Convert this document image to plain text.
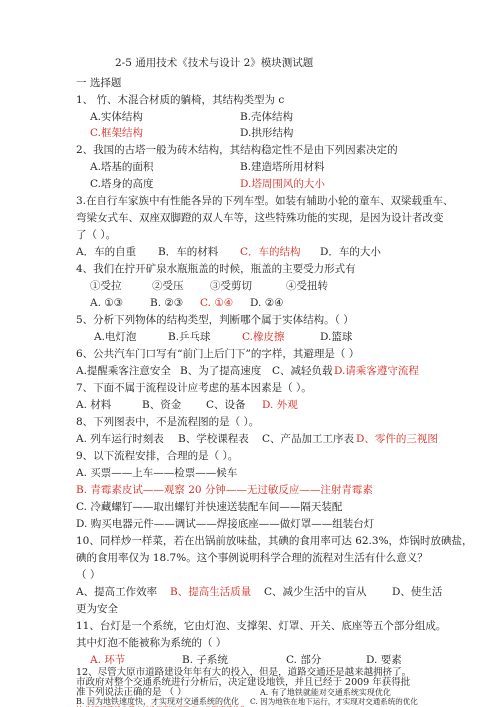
2-5 通用技术《技术与设计 2》模块测试题
一 选择题
1、 竹、木混合材质的躺椅，其结构类型为 c
A.实体结构	B.壳体结构
C.框架结构	D.拱形结构
2、我国的古塔一般为砖木结构，其结构稳定性不是由下列因素决定的
A.塔基的面积	B.建造塔所用材料
C.塔身的高度	D.塔周围风的大小
3.在自行车家族中有性能各异的下列车型。如装有辅助小轮的童车、双梁载重车、
弯梁女式车、双座双脚蹬的双人车等，这些特殊功能的实现，是因为设计者改变
了（ ）。
A．车的自重 B．车的材料 C．车的结构 D．车的大小
4、我们在拧开矿泉水瓶瓶盖的时候，瓶盖的主要受力形式有
①受拉	②受压	③受剪切	④受扭转
A. ①③	B. ②③ C. ①④ D. ②④
5、分析下列物体的结构类型，判断哪个属于实体结构。（ ）
A.电灯泡	B.乒乓球	C.橡皮擦	D.篮球
6、公共汽车门口写有“前门上后门下”的字样，其避理是（ ）
A.提醒乘客注意安全 B、为了提高速度 C、减轻负载 D.请乘客遵守流程
7、下面不属于流程设计应考虑的基本因素是（ ）。
A. 材料	B、资金 C、设备 D. 外观
8、下列图表中，不是流程图的是（ ）。
A. 列车运行时刻表 B、学校课程表 C、产品加工工序表 D、零件的三视图
9、以下流程安排，合理的是（ ）。
A. 买票——上车——检票——候车
B. 青霉素皮试——观察 20 分钟——无过敏反应——注射青霉素
C. 冷藏螺钉——取出螺钉并快速送装配车间——隔天装配
D. 购买电器元件——调试——焊接底座——做灯罩——组装台灯
10、同样炒一样菜，若在出锅前放味盐，其碘的食用率可达 62.3%，炸锅时放碘盐，
碘的食用率仅为 18.7%。这个事例说明科学合理的流程对生活有什么意义？
（ ）
A、提高工作效率 B、提高生活质量 C、减少生活中的盲从 D、使生活
更为安全
11、台灯是一个系统，它由灯泡、支撑架、灯罩、开关、底座等五个部分组成。
其中灯泡不能被称为系统的（ ）
A. 环节	B. 子系统	C. 部分	D. 要素
12、尽管大原市道路建设年年有大的投入，但是，道路交通还是越来越拥挤了。
市政府对整个交通系统进行分析后，决定建设地铁，并且已经于 2009 年获得批
准下列说法正确的是 （ ）	A. 有了地铁就能对交通系统实现优化
B. 因为地铁速度快，才实现对交通系统的优化 C. 因为地铁在地下运行，才实现对交通系统的优化
